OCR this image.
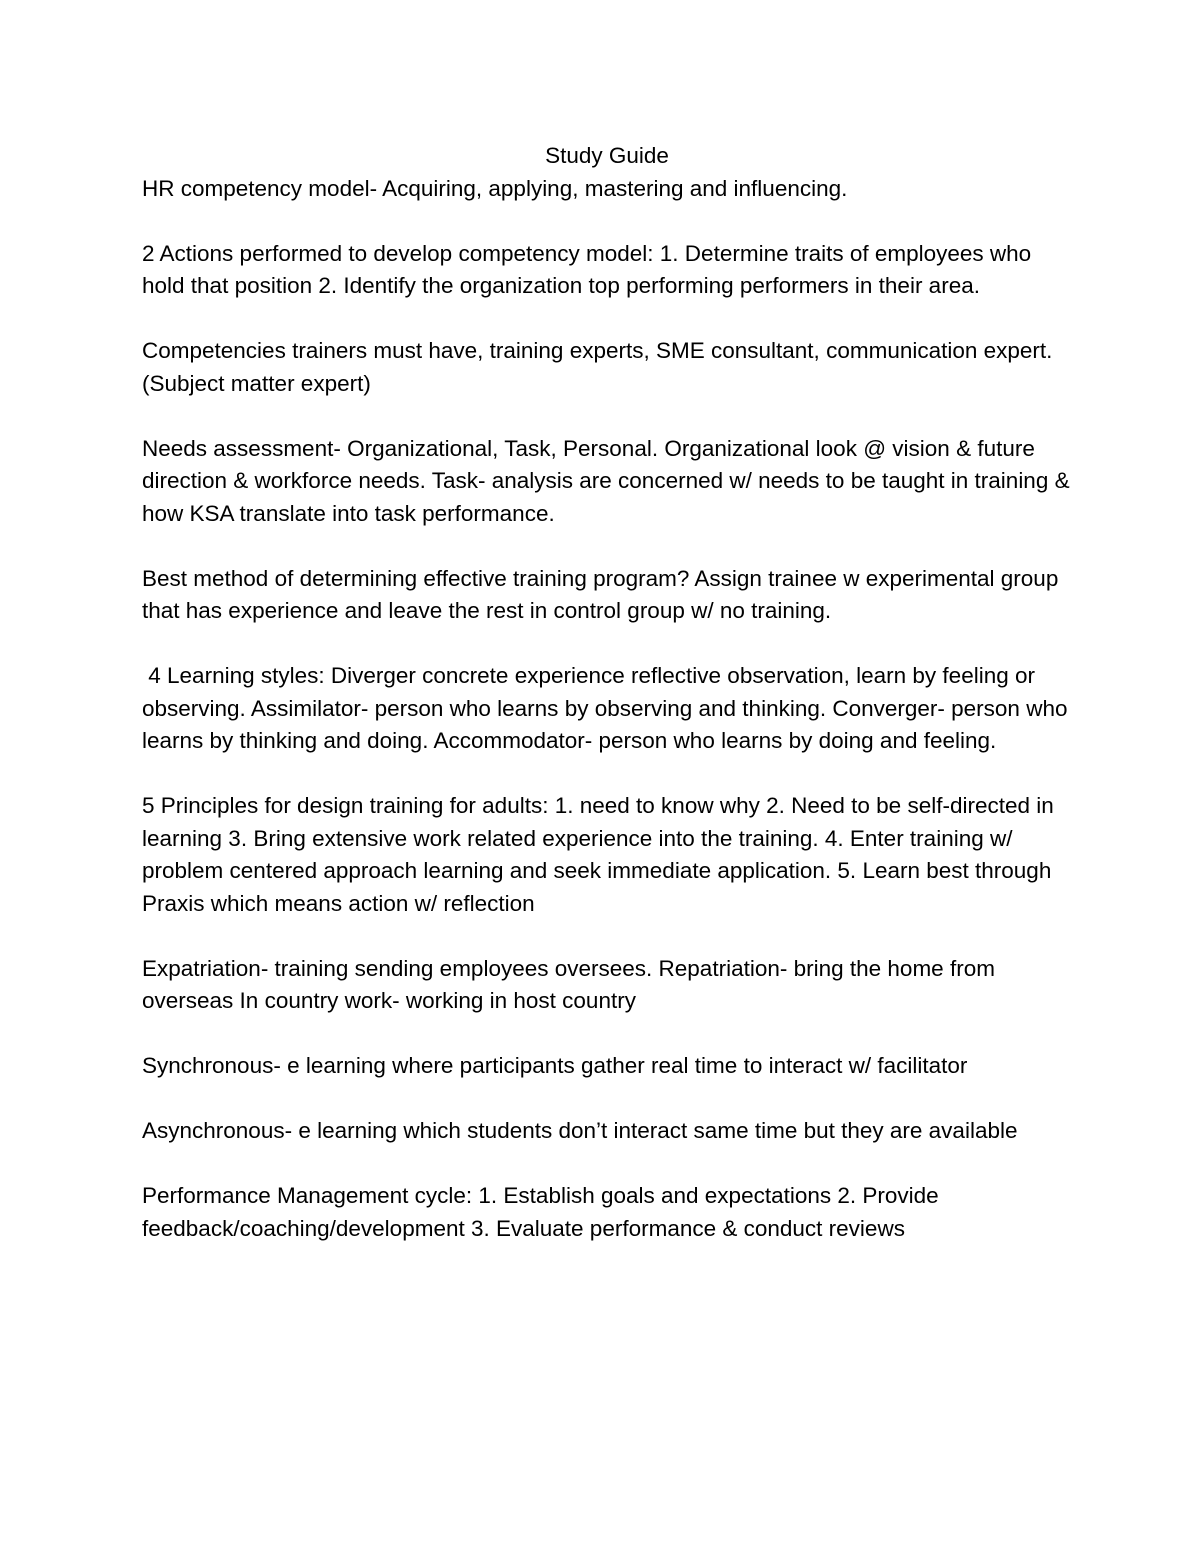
Study Guide

HR competency model- Acquiring, applying, mastering and influencing.

2 Actions performed to develop competency model: 1. Determine traits of employees who hold that position 2. Identify the organization top performing performers in their area.

Competencies trainers must have, training experts, SME consultant, communication expert. (Subject matter expert)

Needs assessment- Organizational, Task, Personal. Organizational look @ vision & future direction & workforce needs. Task- analysis are concerned w/ needs to be taught in training & how KSA translate into task performance.

Best method of determining effective training program? Assign trainee w experimental group that has experience and leave the rest in control group w/ no training.

4 Learning styles: Diverger concrete experience reflective observation, learn by feeling or observing. Assimilator- person who learns by observing and thinking. Converger- person who learns by thinking and doing. Accommodator- person who learns by doing and feeling.

5 Principles for design training for adults: 1. need to know why 2. Need to be self-directed in learning 3. Bring extensive work related experience into the training. 4. Enter training w/ problem centered approach learning and seek immediate application. 5. Learn best through Praxis which means action w/ reflection

Expatriation- training sending employees oversees. Repatriation- bring the home from overseas In country work- working in host country

Synchronous- e learning where participants gather real time to interact w/ facilitator

Asynchronous- e learning which students don’t interact same time but they are available

Performance Management cycle: 1. Establish goals and expectations 2. Provide feedback/coaching/development 3. Evaluate performance & conduct reviews
